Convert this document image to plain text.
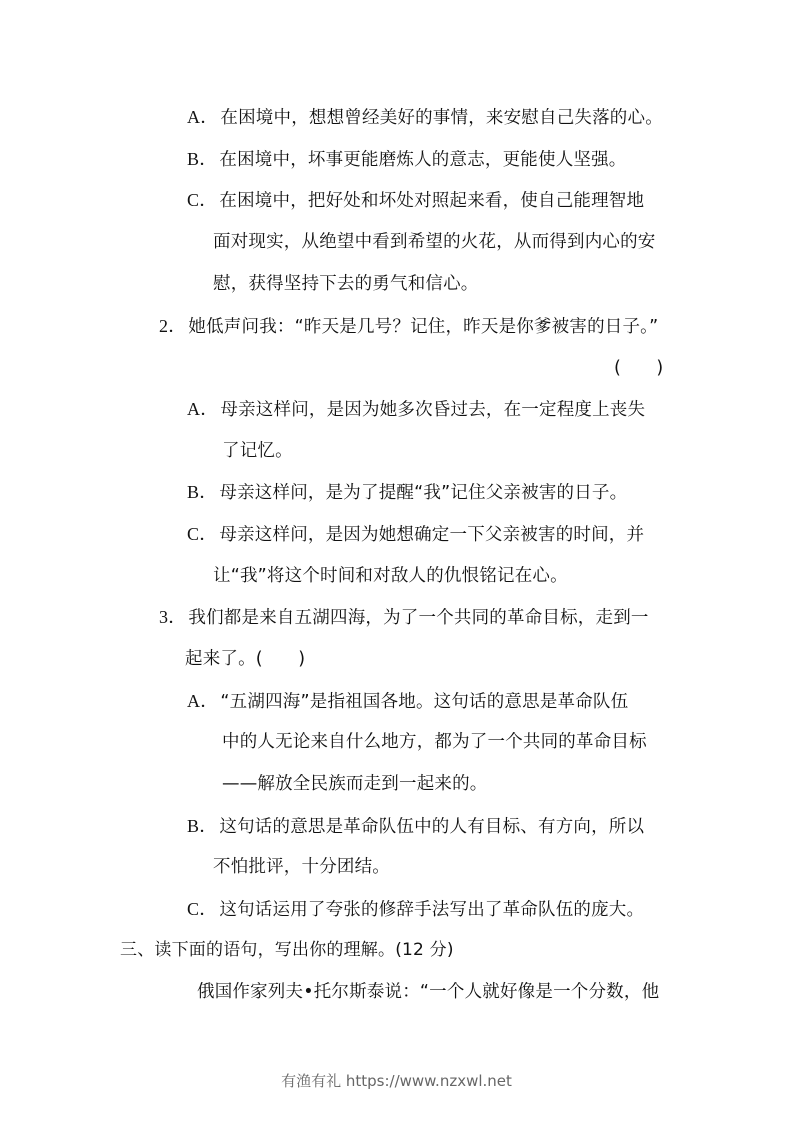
A． 在困境中，想想曾经美好的事情，来安慰自己失落的心。
B． 在困境中，坏事更能磨炼人的意志，更能使人坚强。
C． 在困境中，把好处和坏处对照起来看，使自己能理智地
面对现实，从绝望中看到希望的火花，从而得到内心的安
慰，获得坚持下去的勇气和信心。
2． 她低声问我：“昨天是几号？记住，昨天是你爹被害的日子。”
(　　)
A． 母亲这样问，是因为她多次昏过去，在一定程度上丧失
了记忆。
B． 母亲这样问，是为了提醒“我”记住父亲被害的日子。
C． 母亲这样问，是因为她想确定一下父亲被害的时间，并
让“我”将这个时间和对敌人的仇恨铭记在心。
3． 我们都是来自五湖四海，为了一个共同的革命目标，走到一
起来了。(　　)
A． “五湖四海”是指祖国各地。这句话的意思是革命队伍
中的人无论来自什么地方，都为了一个共同的革命目标
——解放全民族而走到一起来的。
B． 这句话的意思是革命队伍中的人有目标、有方向，所以
不怕批评，十分团结。
C． 这句话运用了夸张的修辞手法写出了革命队伍的庞大。
三、读下面的语句，写出你的理解。(12 分)
俄国作家列夫•托尔斯泰说：“一个人就好像是一个分数，他
有渔有礼 https://www.nzxwl.net
